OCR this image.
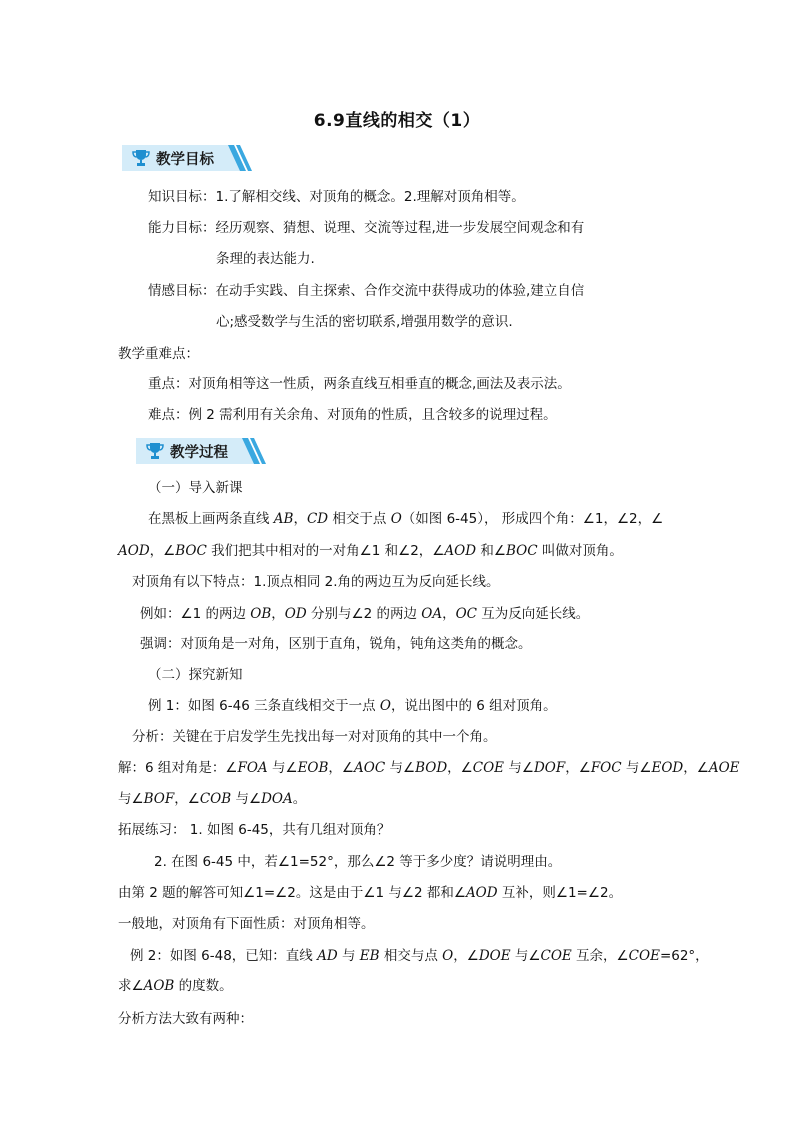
6.9直线的相交（1）
教学目标
知识目标：1.了解相交线、对顶角的概念。2.理解对顶角相等。
能力目标：经历观察、猜想、说理、交流等过程,进一步发展空间观念和有
条理的表达能力.
情感目标：在动手实践、自主探索、合作交流中获得成功的体验,建立自信
心;感受数学与生活的密切联系,增强用数学的意识.
教学重难点：
重点：对顶角相等这一性质，两条直线互相垂直的概念,画法及表示法。
难点：例 2 需利用有关余角、对顶角的性质，且含较多的说理过程。
教学过程
（一）导入新课
在黑板上画两条直线 AB，CD 相交于点 O（如图 6-45）， 形成四个角：∠1，∠2，∠
AOD，∠BOC 我们把其中相对的一对角∠1 和∠2，∠AOD 和∠BOC 叫做对顶角。
对顶角有以下特点：1.顶点相同 2.角的两边互为反向延长线。
例如：∠1 的两边 OB，OD 分别与∠2 的两边 OA，OC 互为反向延长线。
强调：对顶角是一对角，区别于直角，锐角，钝角这类角的概念。
（二）探究新知
例 1：如图 6-46 三条直线相交于一点 O，说出图中的 6 组对顶角。
分析：关键在于启发学生先找出每一对对顶角的其中一个角。
解：6 组对角是：∠FOA 与∠EOB，∠AOC 与∠BOD，∠COE 与∠DOF，∠FOC 与∠EOD，∠AOE
与∠BOF，∠COB 与∠DOA。
拓展练习： 1. 如图 6-45，共有几组对顶角？
2. 在图 6-45 中，若∠1=52°，那么∠2 等于多少度？请说明理由。
由第 2 题的解答可知∠1=∠2。这是由于∠1 与∠2 都和∠AOD 互补，则∠1=∠2。
一般地，对顶角有下面性质：对顶角相等。
例 2：如图 6-48，已知：直线 AD 与 EB 相交与点 O，∠DOE 与∠COE 互余，∠COE=62°，
求∠AOB 的度数。
分析方法大致有两种：
